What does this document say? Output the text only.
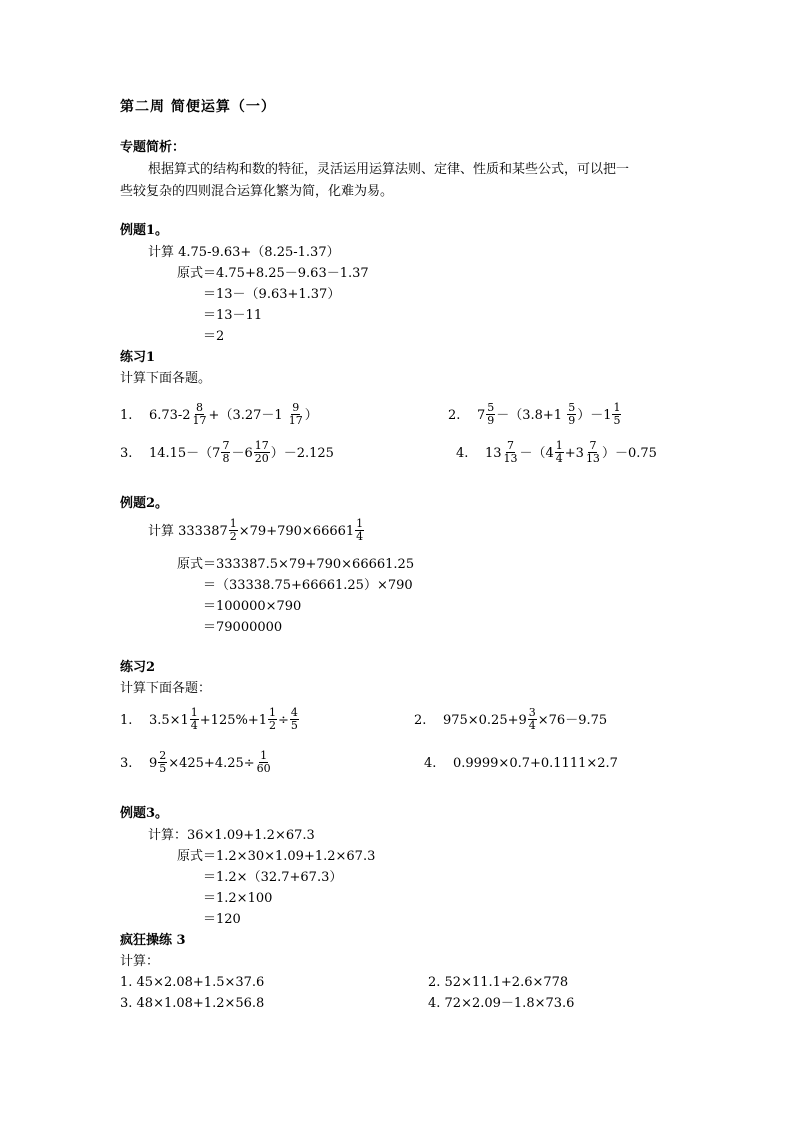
第二周 简便运算（一）
专题简析：
根据算式的结构和数的特征，灵活运用运算法则、定律、性质和某些公式，可以把一
些较复杂的四则混合运算化繁为简，化难为易。
例题1。
计算 4.75-9.63+（8.25-1.37）
原式＝4.75+8.25－9.63－1.37
＝13－（9.63+1.37）
＝13－11
＝2
练习1
计算下面各题。
1. $6.73-2 \frac{8}{17} +(3.27-1 \frac{9}{17}$ ）	2. $7 \frac{5}{9} -(3.8+1 \frac{5}{9} )-1 \frac{1}{5}$
3. $14.15-(7 \frac{7}{8} -6 \frac{17}{20} )-2.125$	4. $13 \frac{7}{13} -(4 \frac{1}{4} +3 \frac{7}{13} )-0.75$
例题2。
计算 $333387 \frac{1}{2} \times 79+790\times 66661 \frac{1}{4}$
原式＝333387.5×79+790×66661.25
＝（33338.75+66661.25）×790
＝100000×790
＝79000000
练习2
计算下面各题：
1. $3.5\times 1 \frac{1}{4} +125\%+1 \frac{1}{2} \div \frac{4}{5}$	2. $975\times 0.25+9 \frac{3}{4} \times 76-9.75$
3. $9 \frac{2}{5} \times 425+4.25\div \frac{1}{60}$	4. 0.9999×0.7+0.1111×2.7
例题3。
计算：36×1.09+1.2×67.3
原式＝1.2×30×1.09+1.2×67.3
＝1.2×（32.7+67.3）
＝1.2×100
＝120
疯狂操练 3
计算：
1. 45×2.08+1.5×37.6	2. 52×11.1+2.6×778
3. 48×1.08+1.2×56.8	4. 72×2.09－1.8×73.6
